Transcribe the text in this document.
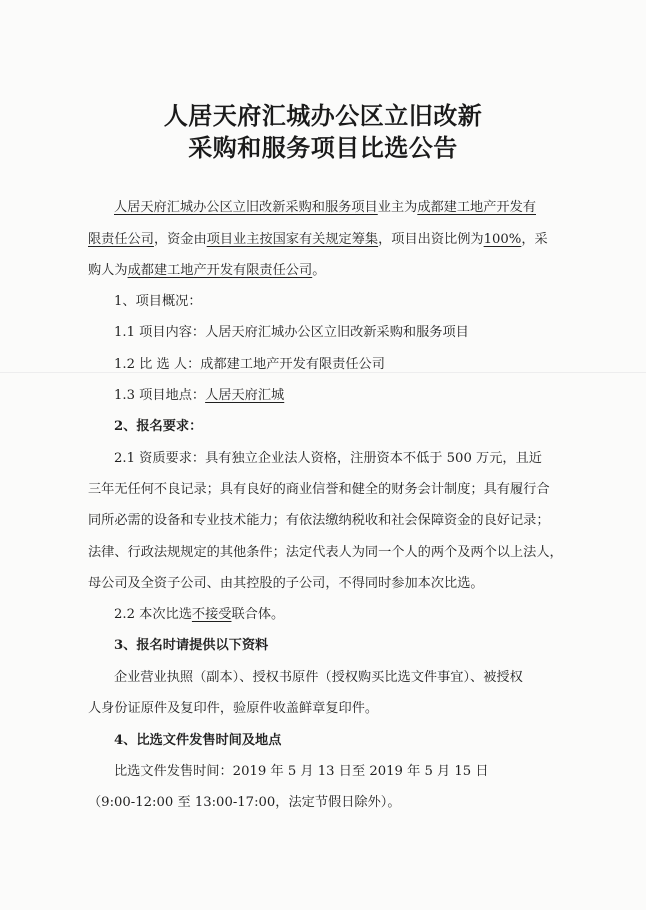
人居天府汇城办公区立旧改新
采购和服务项目比选公告
人居天府汇城办公区立旧改新采购和服务项目业主为成都建工地产开发有
限责任公司，资金由项目业主按国家有关规定筹集，项目出资比例为100%，采
购人为成都建工地产开发有限责任公司。
1、项目概况：
1.1 项目内容：人居天府汇城办公区立旧改新采购和服务项目
1.2 比 选 人：成都建工地产开发有限责任公司
1.3 项目地点：人居天府汇城
2、报名要求：
2.1 资质要求：具有独立企业法人资格，注册资本不低于 500 万元，且近
三年无任何不良记录；具有良好的商业信誉和健全的财务会计制度；具有履行合
同所必需的设备和专业技术能力；有依法缴纳税收和社会保障资金的良好记录；
法律、行政法规规定的其他条件；法定代表人为同一个人的两个及两个以上法人，
母公司及全资子公司、由其控股的子公司，不得同时参加本次比选。
2.2 本次比选不接受联合体。
3、报名时请提供以下资料
企业营业执照（副本）、授权书原件（授权购买比选文件事宜）、被授权
人身份证原件及复印件，验原件收盖鲜章复印件。
4、比选文件发售时间及地点
比选文件发售时间：2019 年 5 月 13 日至 2019 年 5 月 15 日
（9:00-12:00 至 13:00-17:00，法定节假日除外）。
